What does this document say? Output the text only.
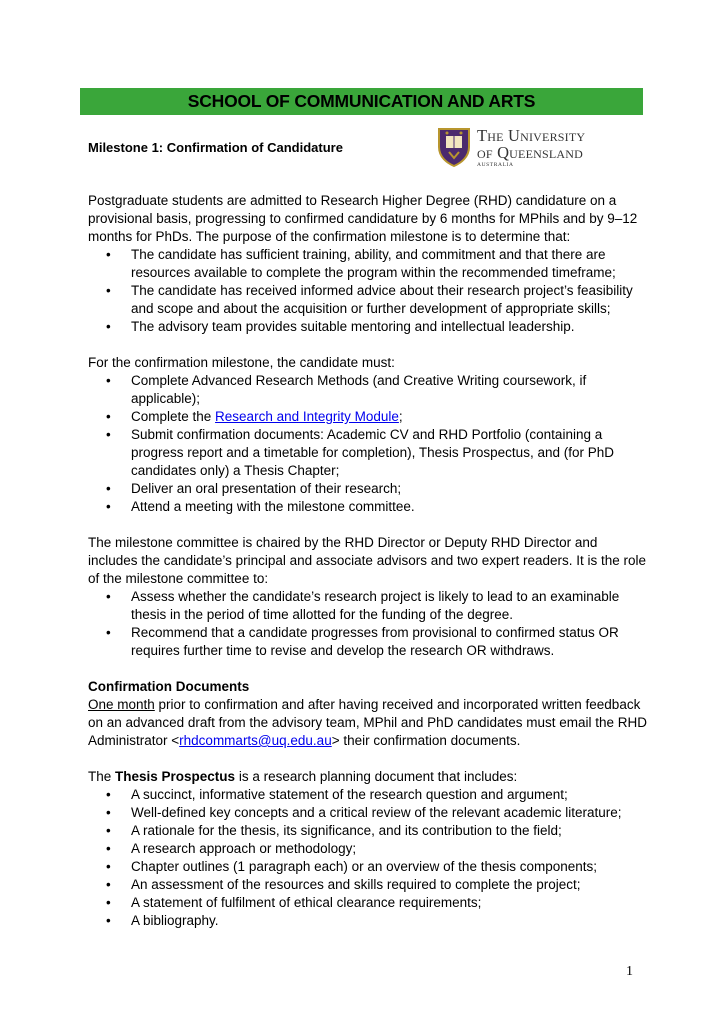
SCHOOL OF COMMUNICATION AND ARTS
Milestone 1: Confirmation of Candidature
The University
of Queensland
AUSTRALIA

Postgraduate students are admitted to Research Higher Degree (RHD) candidature on a provisional basis, progressing to confirmed candidature by 6 months for MPhils and by 9–12 months for PhDs. The purpose of the confirmation milestone is to determine that:

• The candidate has sufficient training, ability, and commitment and that there are resources available to complete the program within the recommended timeframe;
• The candidate has received informed advice about their research project’s feasibility and scope and about the acquisition or further development of appropriate skills;
• The advisory team provides suitable mentoring and intellectual leadership.

For the confirmation milestone, the candidate must:

• Complete Advanced Research Methods (and Creative Writing coursework, if applicable);
• Complete the Research and Integrity Module;
• Submit confirmation documents: Academic CV and RHD Portfolio (containing a progress report and a timetable for completion), Thesis Prospectus, and (for PhD candidates only) a Thesis Chapter;
• Deliver an oral presentation of their research;
• Attend a meeting with the milestone committee.

The milestone committee is chaired by the RHD Director or Deputy RHD Director and includes the candidate’s principal and associate advisors and two expert readers. It is the role of the milestone committee to:

• Assess whether the candidate’s research project is likely to lead to an examinable thesis in the period of time allotted for the funding of the degree.
• Recommend that a candidate progresses from provisional to confirmed status OR requires further time to revise and develop the research OR withdraws.

Confirmation Documents

One month prior to confirmation and after having received and incorporated written feedback on an advanced draft from the advisory team, MPhil and PhD candidates must email the RHD Administrator <rhdcommarts@uq.edu.au> their confirmation documents.

The Thesis Prospectus is a research planning document that includes:

• A succinct, informative statement of the research question and argument;
• Well-defined key concepts and a critical review of the relevant academic literature;
• A rationale for the thesis, its significance, and its contribution to the field;
• A research approach or methodology;
• Chapter outlines (1 paragraph each) or an overview of the thesis components;
• An assessment of the resources and skills required to complete the project;
• A statement of fulfilment of ethical clearance requirements;
• A bibliography.
1
